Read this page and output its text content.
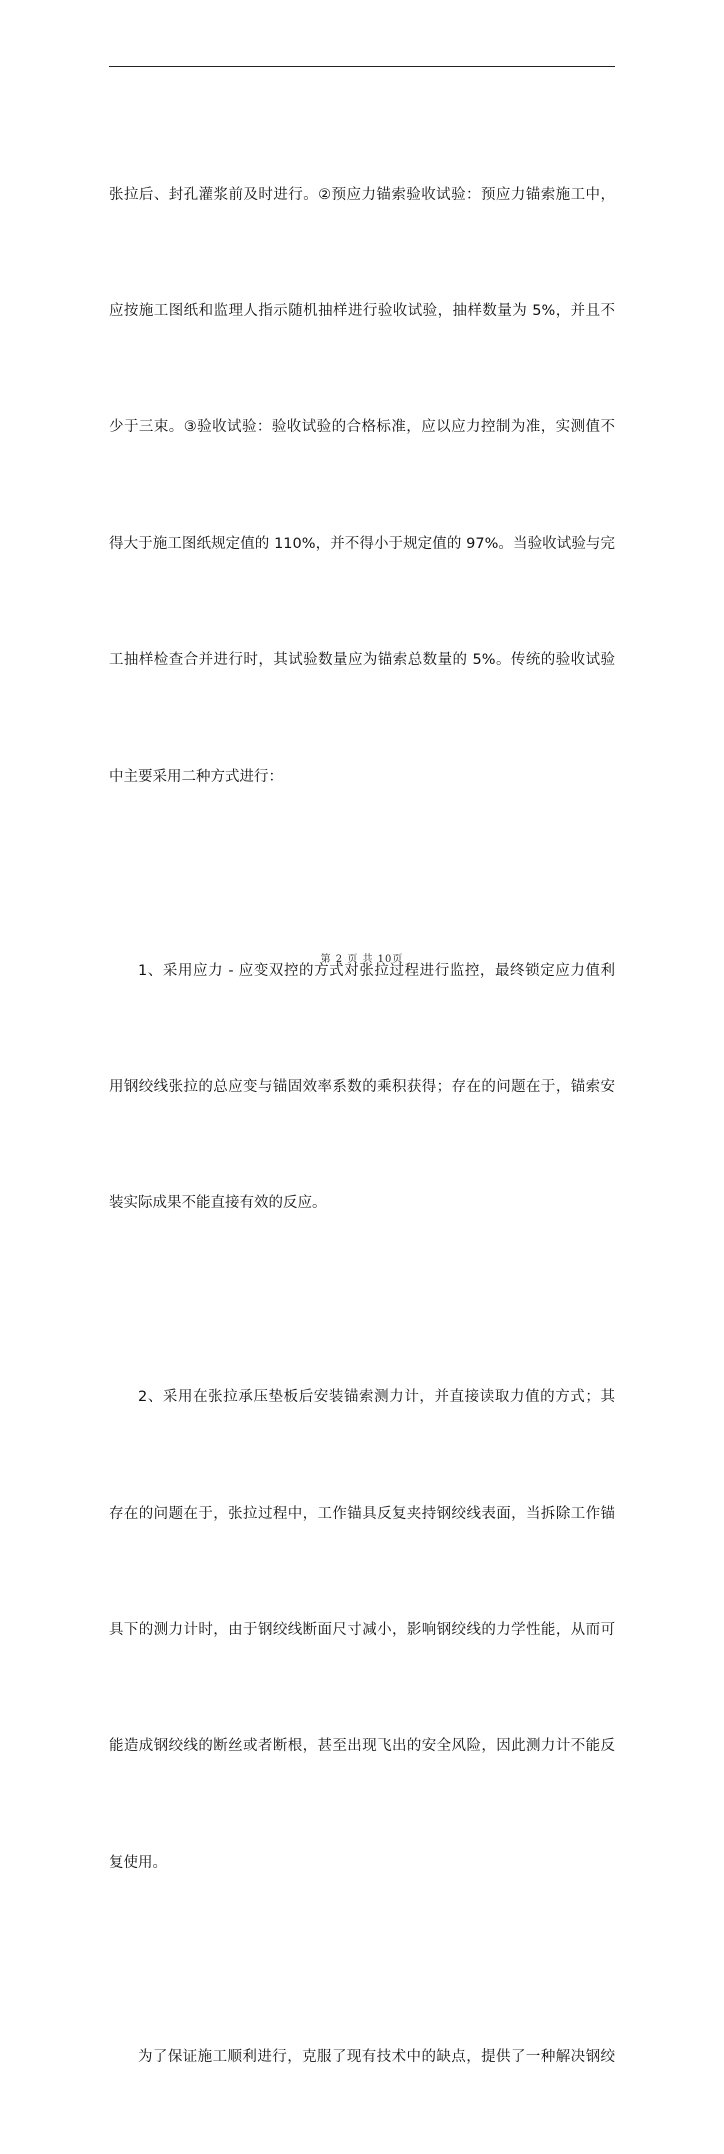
张拉后、封孔灌浆前及时进行。②预应力锚索验收试验：预应力锚索施工中，

应按施工图纸和监理人指示随机抽样进行验收试验，抽样数量为 5%，并且不

少于三束。③验收试验：验收试验的合格标准，应以应力控制为准，实测值不

得大于施工图纸规定值的 110%，并不得小于规定值的 97%。当验收试验与完

工抽样检查合并进行时，其试验数量应为锚索总数量的 5%。传统的验收试验

中主要采用二种方式进行：

1、采用应力 - 应变双控的方式对张拉过程进行监控，最终锁定应力值利

用钢绞线张拉的总应变与锚固效率系数的乘积获得；存在的问题在于，锚索安

装实际成果不能直接有效的反应。

2、采用在张拉承压垫板后安装锚索测力计，并直接读取力值的方式；其

存在的问题在于，张拉过程中，工作锚具反复夹持钢绞线表面，当拆除工作锚

具下的测力计时，由于钢绞线断面尺寸减小，影响钢绞线的力学性能，从而可

能造成钢绞线的断丝或者断根，甚至出现飞出的安全风险，因此测力计不能反

复使用。

为了保证施工顺利进行，克服了现有技术中的缺点，提供了一种解决钢绞

第 2 页 共 10页
